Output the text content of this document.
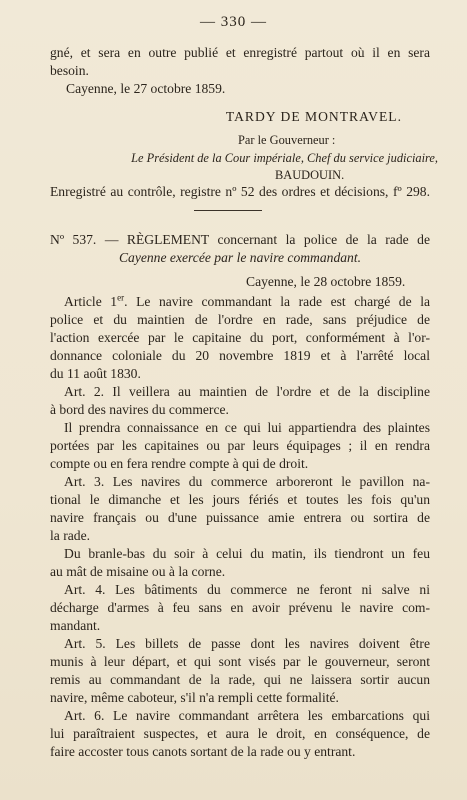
— 330 —
gné, et sera en outre publié et enregistré partout où il en sera
besoin.
Cayenne, le 27 octobre 1859.
TARDY DE MONTRAVEL.
Par le Gouverneur :
Le Président de la Cour impériale, Chef du service judiciaire,
BAUDOUIN.
Enregistré au contrôle, registre nº 52 des ordres et décisions, fº 298.
Nº 537. — RÈGLEMENT concernant la police de la rade de
Cayenne exercée par le navire commandant.
Cayenne, le 28 octobre 1859.
Article 1er. Le navire commandant la rade est chargé de la
police et du maintien de l'ordre en rade, sans préjudice de
l'action exercée par le capitaine du port, conformément à l'or-
donnance coloniale du 20 novembre 1819 et à l'arrêté local
du 11 août 1830.
Art. 2. Il veillera au maintien de l'ordre et de la discipline
à bord des navires du commerce.
Il prendra connaissance en ce qui lui appartiendra des plaintes
portées par les capitaines ou par leurs équipages ; il en rendra
compte ou en fera rendre compte à qui de droit.
Art. 3. Les navires du commerce arboreront le pavillon na-
tional le dimanche et les jours fériés et toutes les fois qu'un
navire français ou d'une puissance amie entrera ou sortira de
la rade.
Du branle-bas du soir à celui du matin, ils tiendront un feu
au mât de misaine ou à la corne.
Art. 4. Les bâtiments du commerce ne feront ni salve ni
décharge d'armes à feu sans en avoir prévenu le navire com-
mandant.
Art. 5. Les billets de passe dont les navires doivent être
munis à leur départ, et qui sont visés par le gouverneur, seront
remis au commandant de la rade, qui ne laissera sortir aucun
navire, même caboteur, s'il n'a rempli cette formalité.
Art. 6. Le navire commandant arrêtera les embarcations qui
lui paraîtraient suspectes, et aura le droit, en conséquence, de
faire accoster tous canots sortant de la rade ou y entrant.
